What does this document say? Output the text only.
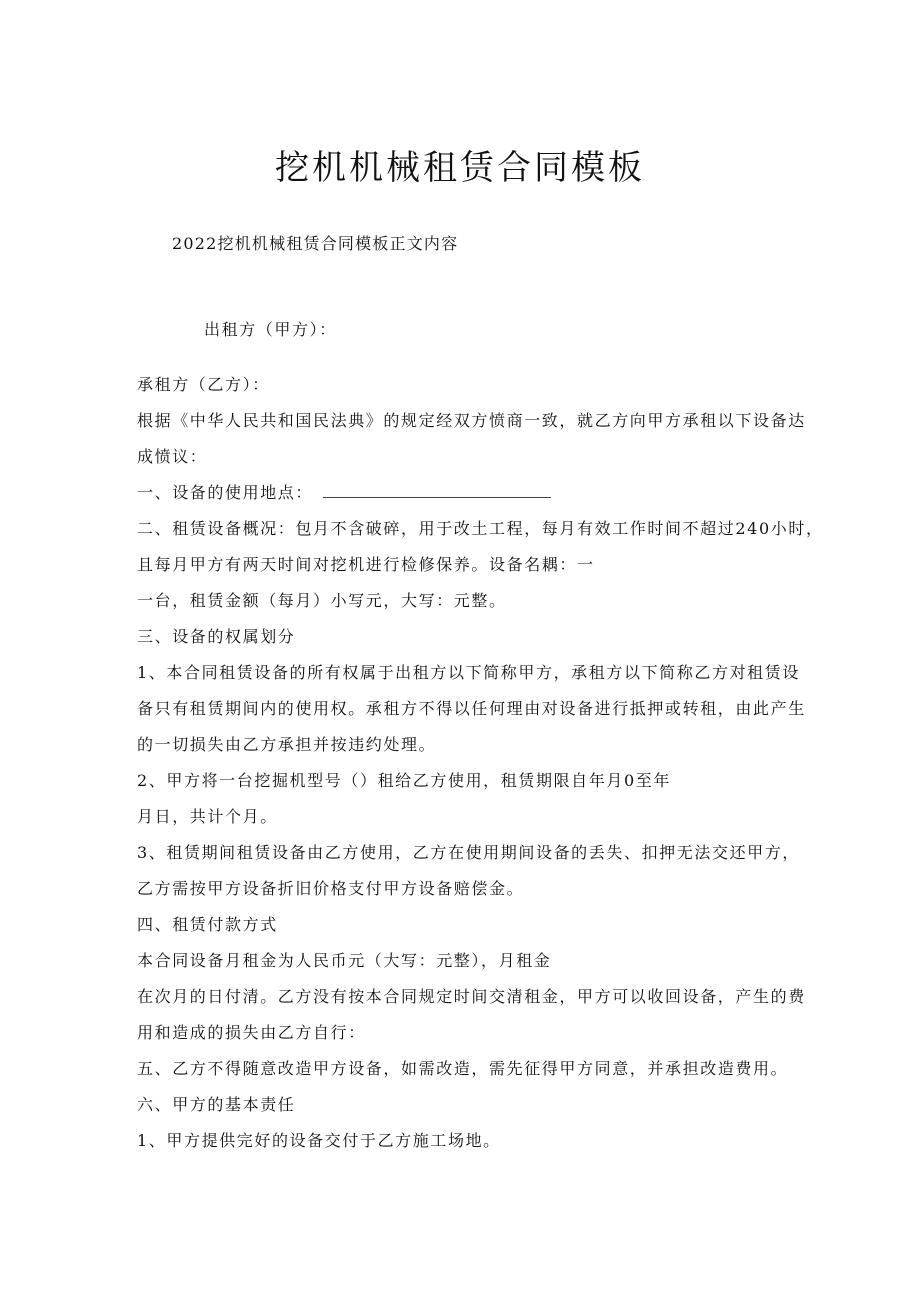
挖机机械租赁合同模板

2022挖机机械租赁合同模板正文内容

出租方（甲方）：

承租方（乙方）：

根据《中华人民共和国民法典》的规定经双方愤商一致，就乙方向甲方承租以下设备达

成愤议：

一、设备的使用地点：

二、租赁设备概况：包月不含破碎，用于改土工程，每月有效工作时间不超过240小时，

且每月甲方有两天时间对挖机进行检修保养。设备名耦：一

一台，租赁金额（每月）小写元，大写：元整。

三、设备的权属划分

1、本合同租赁设备的所有权属于出租方以下简称甲方，承租方以下简称乙方对租赁设

备只有租赁期间内的使用权。承租方不得以任何理由对设备进行抵押或转租，由此产生

的一切损失由乙方承担并按违约处理。

2、甲方将一台挖掘机型号（）租给乙方使用，租赁期限自年月0至年

月日，共计个月。

3、租赁期间租赁设备由乙方使用，乙方在使用期间设备的丢失、扣押无法交还甲方，

乙方需按甲方设备折旧价格支付甲方设备赔偿金。

四、租赁付款方式

本合同设备月租金为人民币元（大写：元整），月租金

在次月的日付清。乙方没有按本合同规定时间交清租金，甲方可以收回设备，产生的费

用和造成的损失由乙方自行：

五、乙方不得随意改造甲方设备，如需改造，需先征得甲方同意，并承担改造费用。

六、甲方的基本责任

1、甲方提供完好的设备交付于乙方施工场地。
